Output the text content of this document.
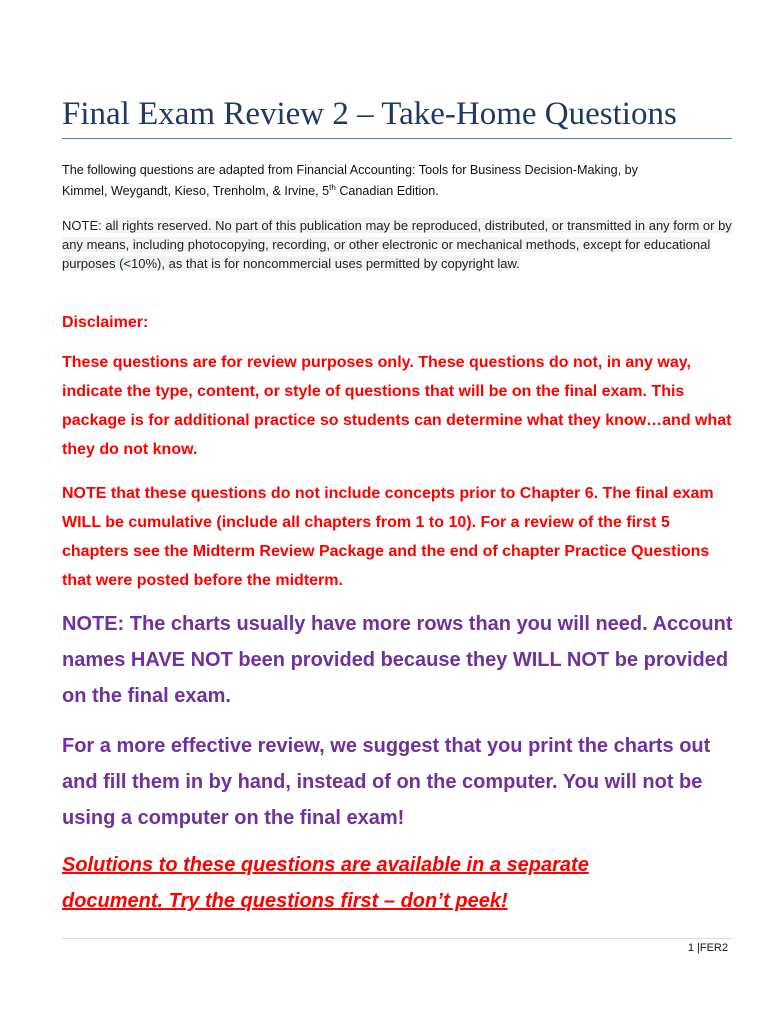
Final Exam Review 2 – Take-Home Questions
The following questions are adapted from Financial Accounting: Tools for Business Decision-Making, by
Kimmel, Weygandt, Kieso, Trenholm, & Irvine, 5th Canadian Edition.
NOTE: all rights reserved. No part of this publication may be reproduced, distributed, or transmitted in any form or by any means, including photocopying, recording, or other electronic or mechanical methods, except for educational purposes (<10%), as that is for noncommercial uses permitted by copyright law.
Disclaimer:
These questions are for review purposes only. These questions do not, in any way, indicate the type, content, or style of questions that will be on the final exam. This package is for additional practice so students can determine what they know…and what they do not know.
NOTE that these questions do not include concepts prior to Chapter 6. The final exam WILL be cumulative (include all chapters from 1 to 10). For a review of the first 5 chapters see the Midterm Review Package and the end of chapter Practice Questions that were posted before the midterm.
NOTE: The charts usually have more rows than you will need. Account names HAVE NOT been provided because they WILL NOT be provided on the final exam.
For a more effective review, we suggest that you print the charts out and fill them in by hand, instead of on the computer. You will not be using a computer on the final exam!
Solutions to these questions are available in a separate
document. Try the questions first – don’t peek!
1 |FER2
